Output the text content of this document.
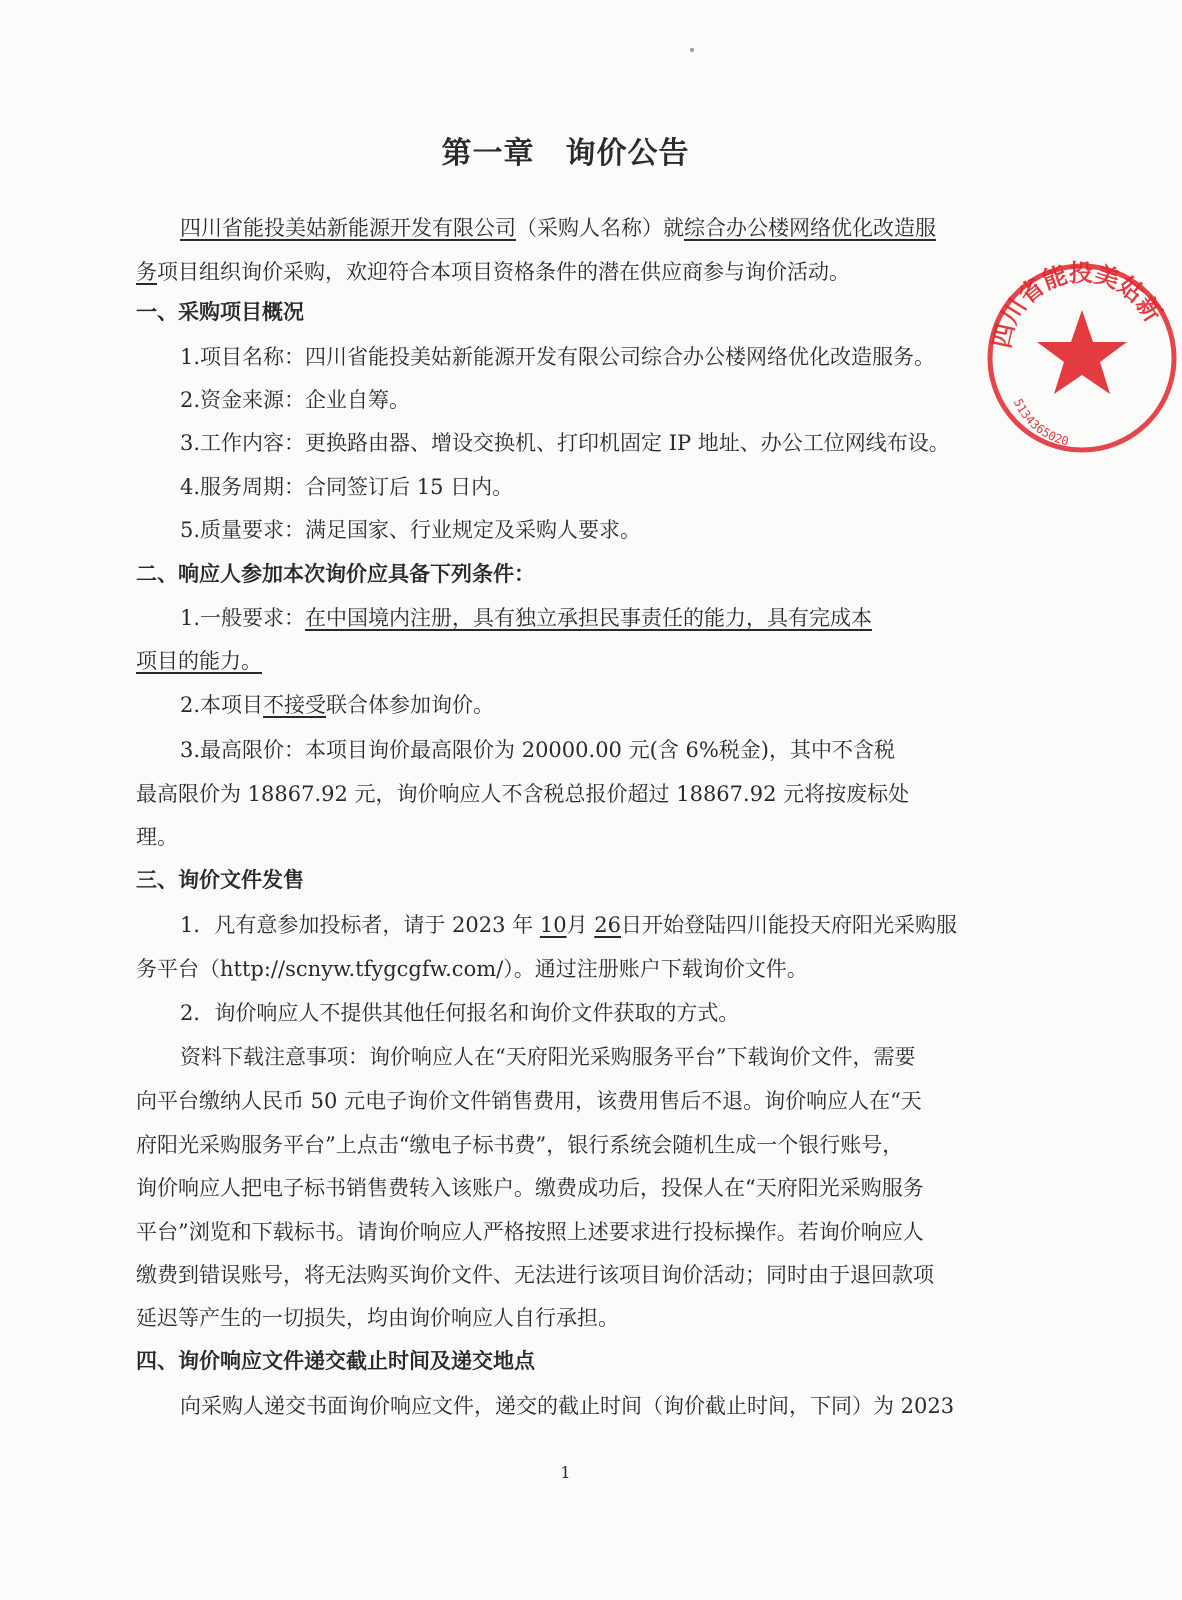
第一章　询价公告
四川省能投美姑新能源开发有限公司（采购人名称）就综合办公楼网络优化改造服
务项目组织询价采购，欢迎符合本项目资格条件的潜在供应商参与询价活动。
一、采购项目概况
1.项目名称：四川省能投美姑新能源开发有限公司综合办公楼网络优化改造服务。
2.资金来源：企业自筹。
3.工作内容：更换路由器、增设交换机、打印机固定 IP 地址、办公工位网线布设。
4.服务周期：合同签订后 15 日内。
5.质量要求：满足国家、行业规定及采购人要求。
二、响应人参加本次询价应具备下列条件：
1.一般要求：在中国境内注册，具有独立承担民事责任的能力，具有完成本
项目的能力。
2.本项目不接受联合体参加询价。
3.最高限价：本项目询价最高限价为 20000.00 元(含 6%税金)，其中不含税
最高限价为 18867.92 元，询价响应人不含税总报价超过 18867.92 元将按废标处
理。
三、询价文件发售
1．凡有意参加投标者，请于 2023 年 10月 26日开始登陆四川能投天府阳光采购服
务平台（http://scnyw.tfygcgfw.com/）。通过注册账户下载询价文件。
2．询价响应人不提供其他任何报名和询价文件获取的方式。
资料下载注意事项：询价响应人在“天府阳光采购服务平台”下载询价文件，需要
向平台缴纳人民币 50 元电子询价文件销售费用，该费用售后不退。询价响应人在“天
府阳光采购服务平台”上点击“缴电子标书费”，银行系统会随机生成一个银行账号，
询价响应人把电子标书销售费转入该账户。缴费成功后，投保人在“天府阳光采购服务
平台”浏览和下载标书。请询价响应人严格按照上述要求进行投标操作。若询价响应人
缴费到错误账号，将无法购买询价文件、无法进行该项目询价活动；同时由于退回款项
延迟等产生的一切损失，均由询价响应人自行承担。
四、询价响应文件递交截止时间及递交地点
向采购人递交书面询价响应文件，递交的截止时间（询价截止时间，下同）为 2023
1
四川省能投美姑新
5134365020
